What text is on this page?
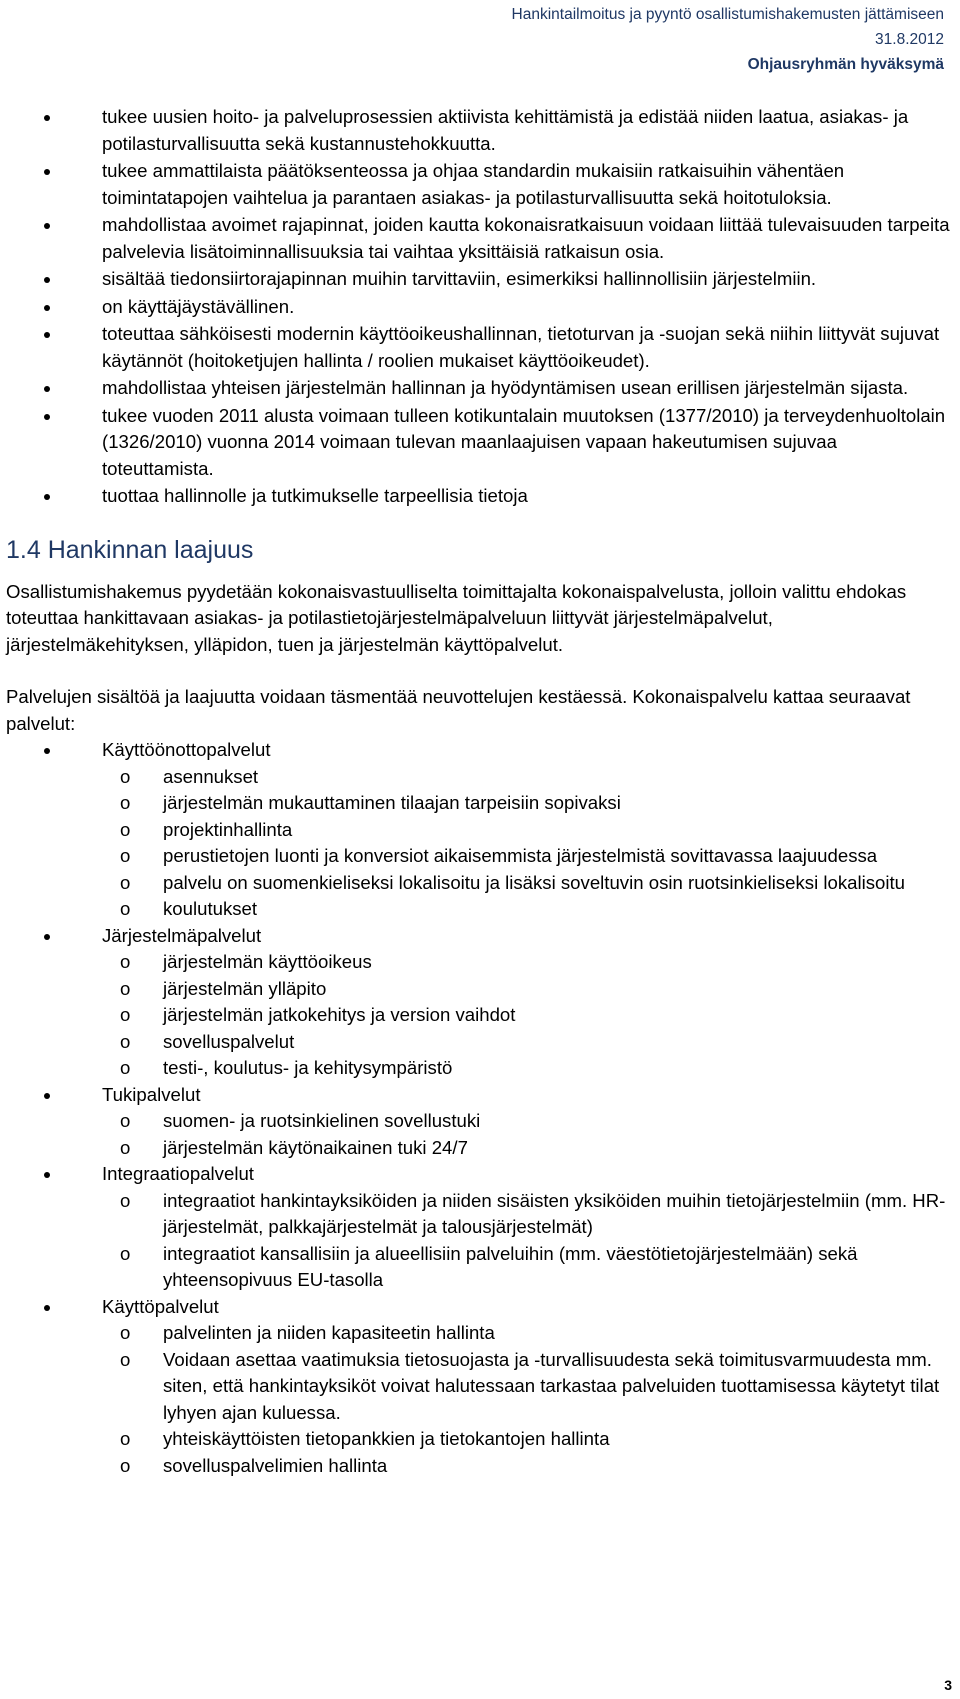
Hankintailmoitus ja pyyntö osallistumishakemusten jättämiseen
31.8.2012
Ohjausryhmän hyväksymä
tukee uusien hoito- ja palveluprosessien aktiivista kehittämistä ja edistää niiden laatua, asiakas- ja potilasturvallisuutta sekä kustannustehokkuutta.
tukee ammattilaista päätöksenteossa ja ohjaa standardin mukaisiin ratkaisuihin vähentäen toimintatapojen vaihtelua ja parantaen asiakas- ja potilasturvallisuutta sekä hoitotuloksia.
mahdollistaa avoimet rajapinnat, joiden kautta kokonaisratkaisuun voidaan liittää tulevaisuuden tarpeita palvelevia lisätoiminnallisuuksia tai vaihtaa yksittäisiä ratkaisun osia.
sisältää tiedonsiirtorajapinnan muihin tarvittaviin, esimerkiksi hallinnollisiin järjestelmiin.
on käyttäjäystävällinen.
toteuttaa sähköisesti modernin käyttöoikeushallinnan, tietoturvan ja -suojan sekä niihin liittyvät sujuvat käytännöt (hoitoketjujen hallinta / roolien mukaiset käyttöoikeudet).
mahdollistaa yhteisen järjestelmän hallinnan ja hyödyntämisen usean erillisen järjestelmän sijasta.
tukee vuoden 2011 alusta voimaan tulleen kotikuntalain muutoksen (1377/2010) ja terveydenhuoltolain (1326/2010) vuonna 2014 voimaan tulevan maanlaajuisen vapaan hakeutumisen sujuvaa toteuttamista.
tuottaa hallinnolle ja tutkimukselle tarpeellisia tietoja
1.4 Hankinnan laajuus

Osallistumishakemus pyydetään kokonaisvastuulliselta toimittajalta kokonaispalvelusta, jolloin valittu ehdokas toteuttaa hankittavaan asiakas- ja potilastietojärjestelmäpalveluun liittyvät järjestelmäpalvelut, järjestelmäkehityksen, ylläpidon, tuen ja järjestelmän käyttöpalvelut.

Palvelujen sisältöä ja laajuutta voidaan täsmentää neuvottelujen kestäessä. Kokonaispalvelu kattaa seuraavat palvelut:

Käyttöönottopalvelut
o asennukset
o järjestelmän mukauttaminen tilaajan tarpeisiin sopivaksi
o projektinhallinta
o perustietojen luonti ja konversiot aikaisemmista järjestelmistä sovittavassa laajuudessa
o palvelu on suomenkieliseksi lokalisoitu ja lisäksi soveltuvin osin ruotsinkieliseksi lokalisoitu
o koulutukset
Järjestelmäpalvelut
o järjestelmän käyttöoikeus
o järjestelmän ylläpito
o järjestelmän jatkokehitys ja version vaihdot
o sovelluspalvelut
o testi-, koulutus- ja kehitysympäristö
Tukipalvelut
o suomen- ja ruotsinkielinen sovellustuki
o järjestelmän käytönaikainen tuki 24/7
Integraatiopalvelut
o integraatiot hankintayksiköiden ja niiden sisäisten yksiköiden muihin tietojärjestelmiin (mm. HR-järjestelmät, palkkajärjestelmät ja talousjärjestelmät)
o integraatiot kansallisiin ja alueellisiin palveluihin (mm. väestötietojärjestelmään) sekä yhteensopivuus EU-tasolla
Käyttöpalvelut
o palvelinten ja niiden kapasiteetin hallinta
o Voidaan asettaa vaatimuksia tietosuojasta ja -turvallisuudesta sekä toimitusvarmuudesta mm. siten, että hankintayksiköt voivat halutessaan tarkastaa palveluiden tuottamisessa käytetyt tilat lyhyen ajan kuluessa.
o yhteiskäyttöisten tietopankkien ja tietokantojen hallinta
o sovelluspalvelimien hallinta
3
